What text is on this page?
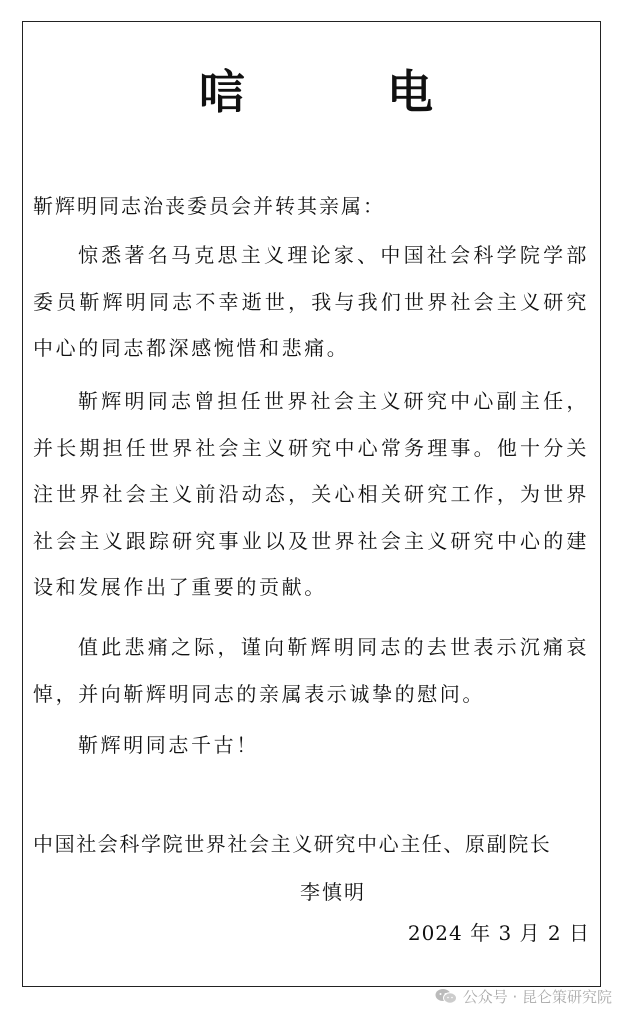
唁　电
靳辉明同志治丧委员会并转其亲属：
惊悉著名马克思主义理论家、中国社会科学院学部委员靳辉明同志不幸逝世，我与我们世界社会主义研究中心的同志都深感惋惜和悲痛。
靳辉明同志曾担任世界社会主义研究中心副主任，并长期担任世界社会主义研究中心常务理事。他十分关注世界社会主义前沿动态，关心相关研究工作，为世界社会主义跟踪研究事业以及世界社会主义研究中心的建设和发展作出了重要的贡献。
值此悲痛之际，谨向靳辉明同志的去世表示沉痛哀悼，并向靳辉明同志的亲属表示诚挚的慰问。
靳辉明同志千古！
中国社会科学院世界社会主义研究中心主任、原副院长
李慎明
2024 年 3 月 2 日
公众号 · 昆仑策研究院
